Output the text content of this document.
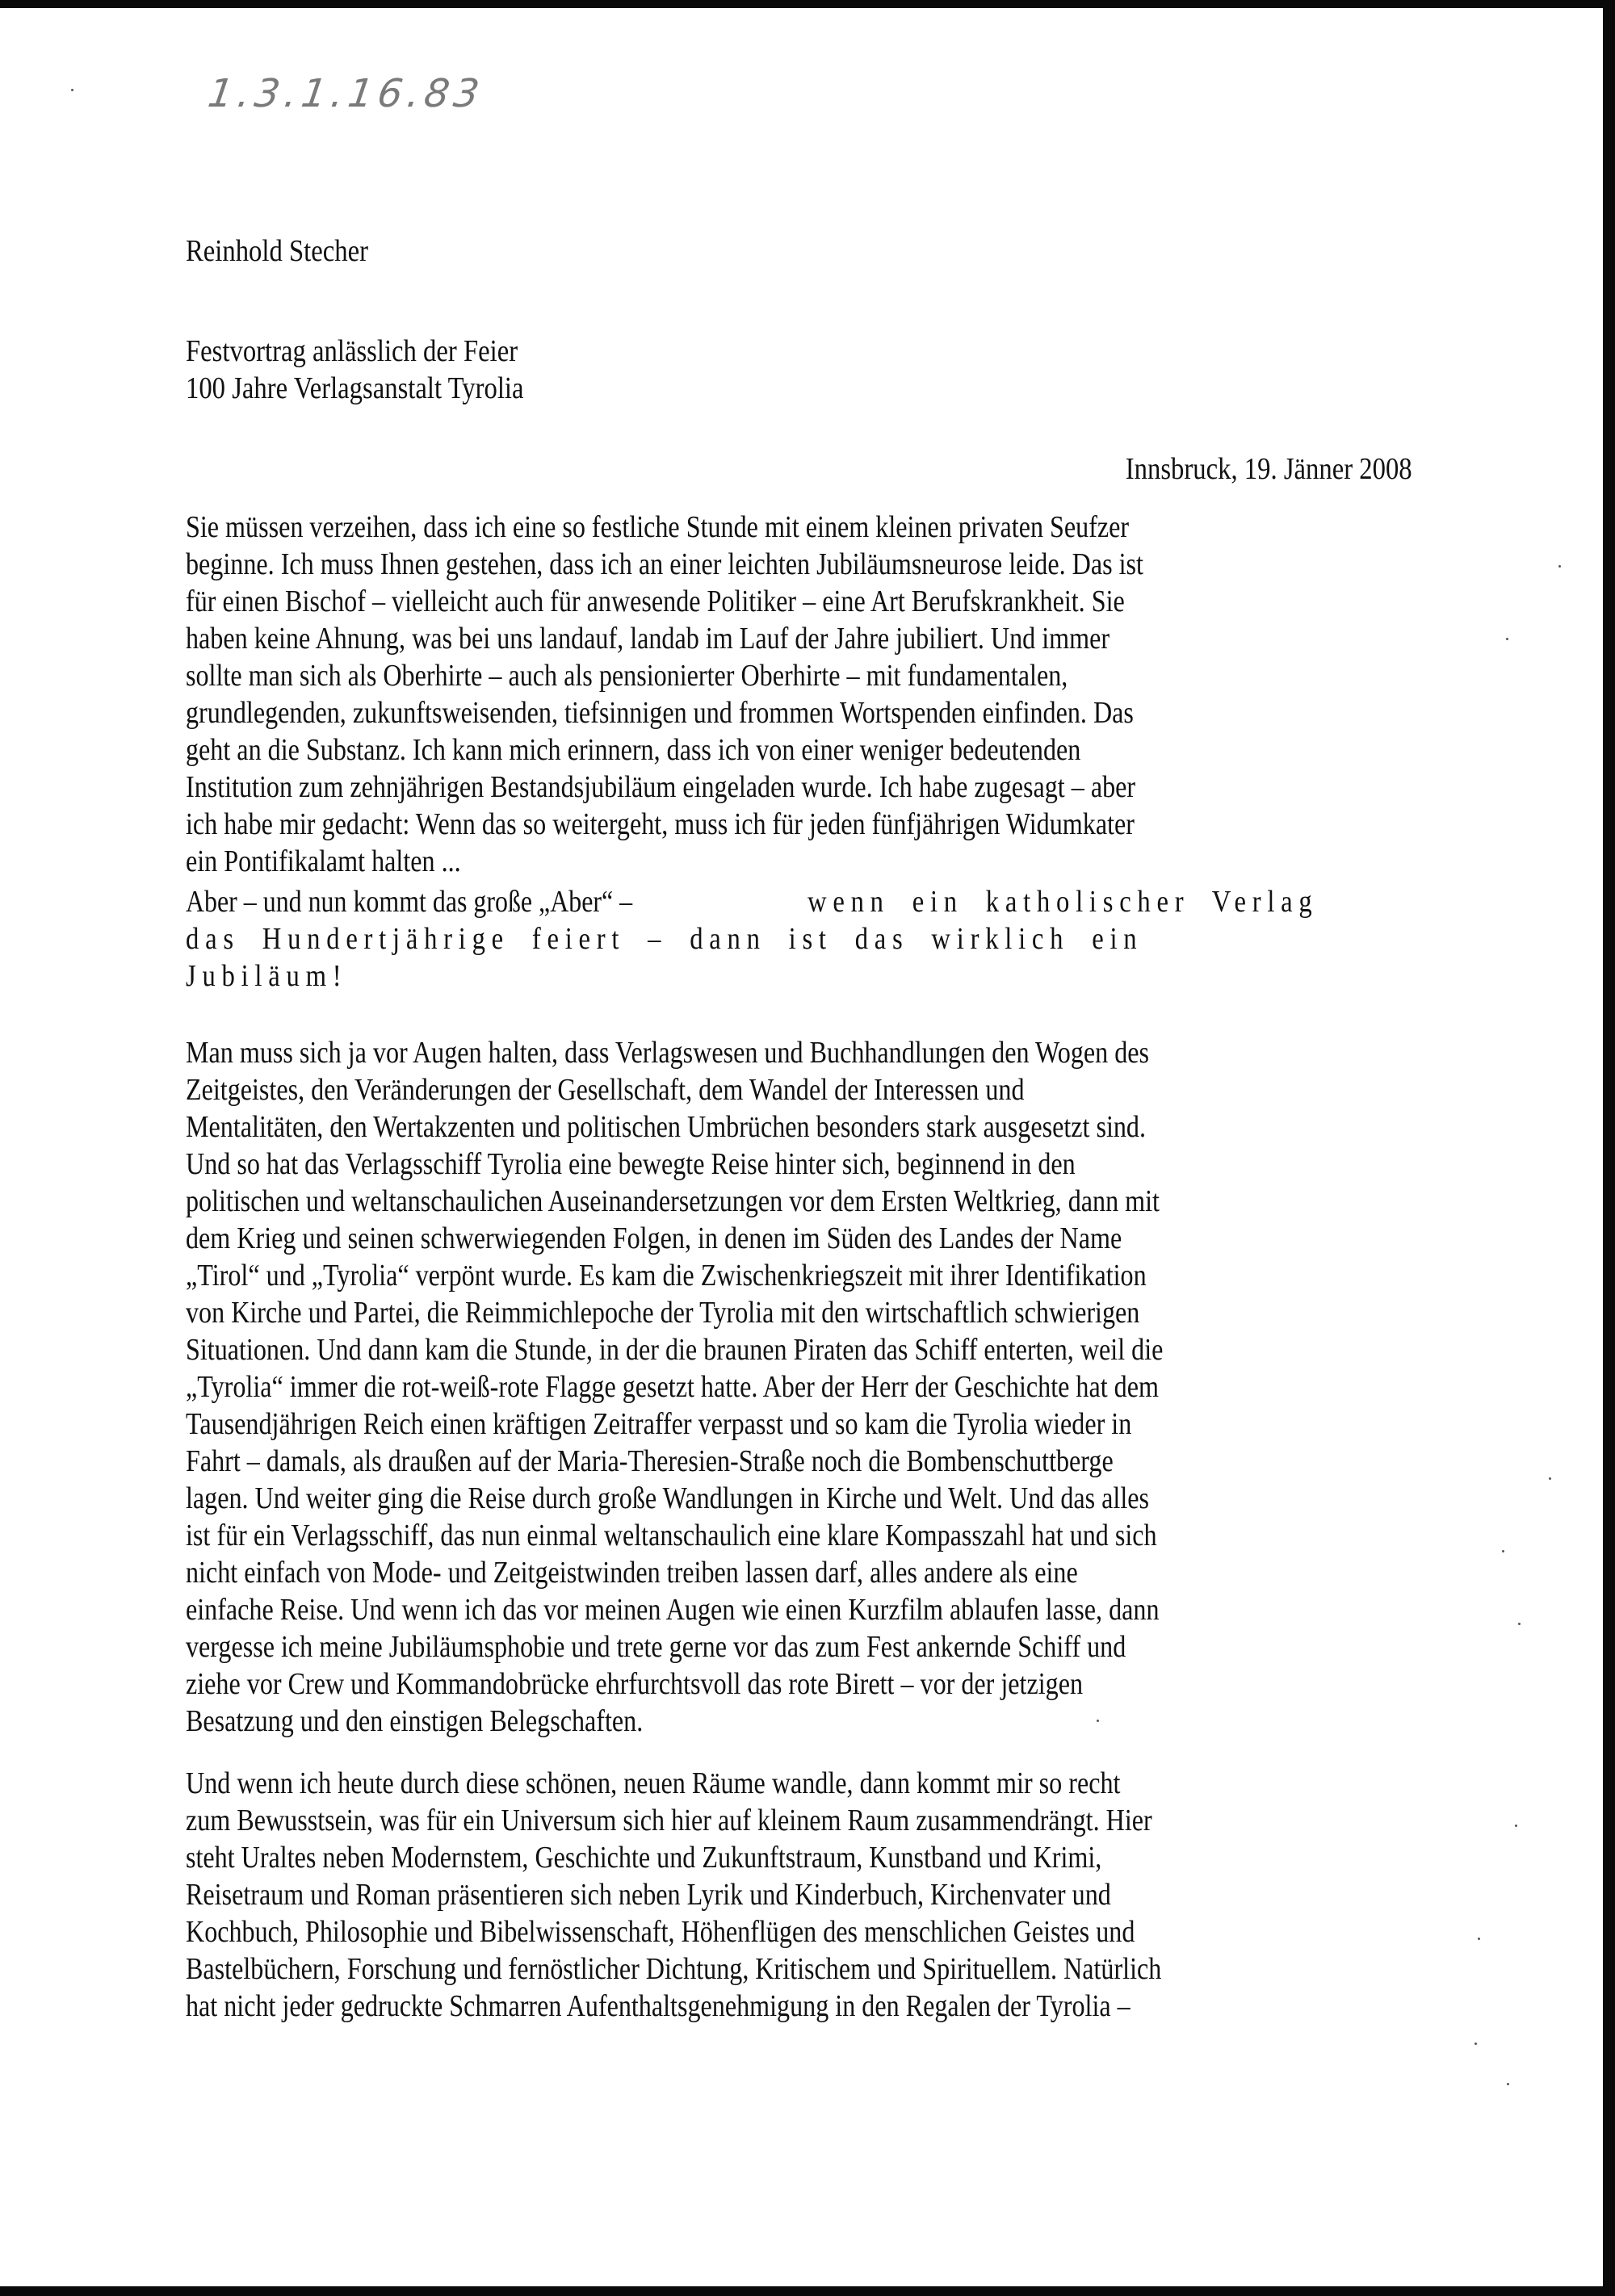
1.3.1.16.83
Reinhold Stecher
Festvortrag anlässlich der Feier
100 Jahre Verlagsanstalt Tyrolia
Innsbruck, 19. Jänner 2008
Sie müssen verzeihen, dass ich eine so festliche Stunde mit einem kleinen privaten Seufzer
beginne. Ich muss Ihnen gestehen, dass ich an einer leichten Jubiläumsneurose leide. Das ist
für einen Bischof – vielleicht auch für anwesende Politiker – eine Art Berufskrankheit. Sie
haben keine Ahnung, was bei uns landauf, landab im Lauf der Jahre jubiliert. Und immer
sollte man sich als Oberhirte – auch als pensionierter Oberhirte – mit fundamentalen,
grundlegenden, zukunftsweisenden, tiefsinnigen und frommen Wortspenden einfinden. Das
geht an die Substanz. Ich kann mich erinnern, dass ich von einer weniger bedeutenden
Institution zum zehnjährigen Bestandsjubiläum eingeladen wurde. Ich habe zugesagt – aber
ich habe mir gedacht: Wenn das so weitergeht, muss ich für jeden fünfjährigen Widumkater
ein Pontifikalamt halten ...
Aber – und nun kommt das große „Aber“ –	wenn ein katholischer Verlag
das Hundertjährige feiert – dann ist das wirklich ein
Jubiläum!
Man muss sich ja vor Augen halten, dass Verlagswesen und Buchhandlungen den Wogen des
Zeitgeistes, den Veränderungen der Gesellschaft, dem Wandel der Interessen und
Mentalitäten, den Wertakzenten und politischen Umbrüchen besonders stark ausgesetzt sind.
Und so hat das Verlagsschiff Tyrolia eine bewegte Reise hinter sich, beginnend in den
politischen und weltanschaulichen Auseinandersetzungen vor dem Ersten Weltkrieg, dann mit
dem Krieg und seinen schwerwiegenden Folgen, in denen im Süden des Landes der Name
„Tirol“ und „Tyrolia“ verpönt wurde. Es kam die Zwischenkriegszeit mit ihrer Identifikation
von Kirche und Partei, die Reimmichlepoche der Tyrolia mit den wirtschaftlich schwierigen
Situationen. Und dann kam die Stunde, in der die braunen Piraten das Schiff enterten, weil die
„Tyrolia“ immer die rot-weiß-rote Flagge gesetzt hatte. Aber der Herr der Geschichte hat dem
Tausendjährigen Reich einen kräftigen Zeitraffer verpasst und so kam die Tyrolia wieder in
Fahrt – damals, als draußen auf der Maria-Theresien-Straße noch die Bombenschuttberge
lagen. Und weiter ging die Reise durch große Wandlungen in Kirche und Welt. Und das alles
ist für ein Verlagsschiff, das nun einmal weltanschaulich eine klare Kompasszahl hat und sich
nicht einfach von Mode- und Zeitgeistwinden treiben lassen darf, alles andere als eine
einfache Reise. Und wenn ich das vor meinen Augen wie einen Kurzfilm ablaufen lasse, dann
vergesse ich meine Jubiläumsphobie und trete gerne vor das zum Fest ankernde Schiff und
ziehe vor Crew und Kommandobrücke ehrfurchtsvoll das rote Birett – vor der jetzigen
Besatzung und den einstigen Belegschaften.
Und wenn ich heute durch diese schönen, neuen Räume wandle, dann kommt mir so recht
zum Bewusstsein, was für ein Universum sich hier auf kleinem Raum zusammendrängt. Hier
steht Uraltes neben Modernstem, Geschichte und Zukunftstraum, Kunstband und Krimi,
Reisetraum und Roman präsentieren sich neben Lyrik und Kinderbuch, Kirchenvater und
Kochbuch, Philosophie und Bibelwissenschaft, Höhenflügen des menschlichen Geistes und
Bastelbüchern, Forschung und fernöstlicher Dichtung, Kritischem und Spirituellem. Natürlich
hat nicht jeder gedruckte Schmarren Aufenthaltsgenehmigung in den Regalen der Tyrolia –
